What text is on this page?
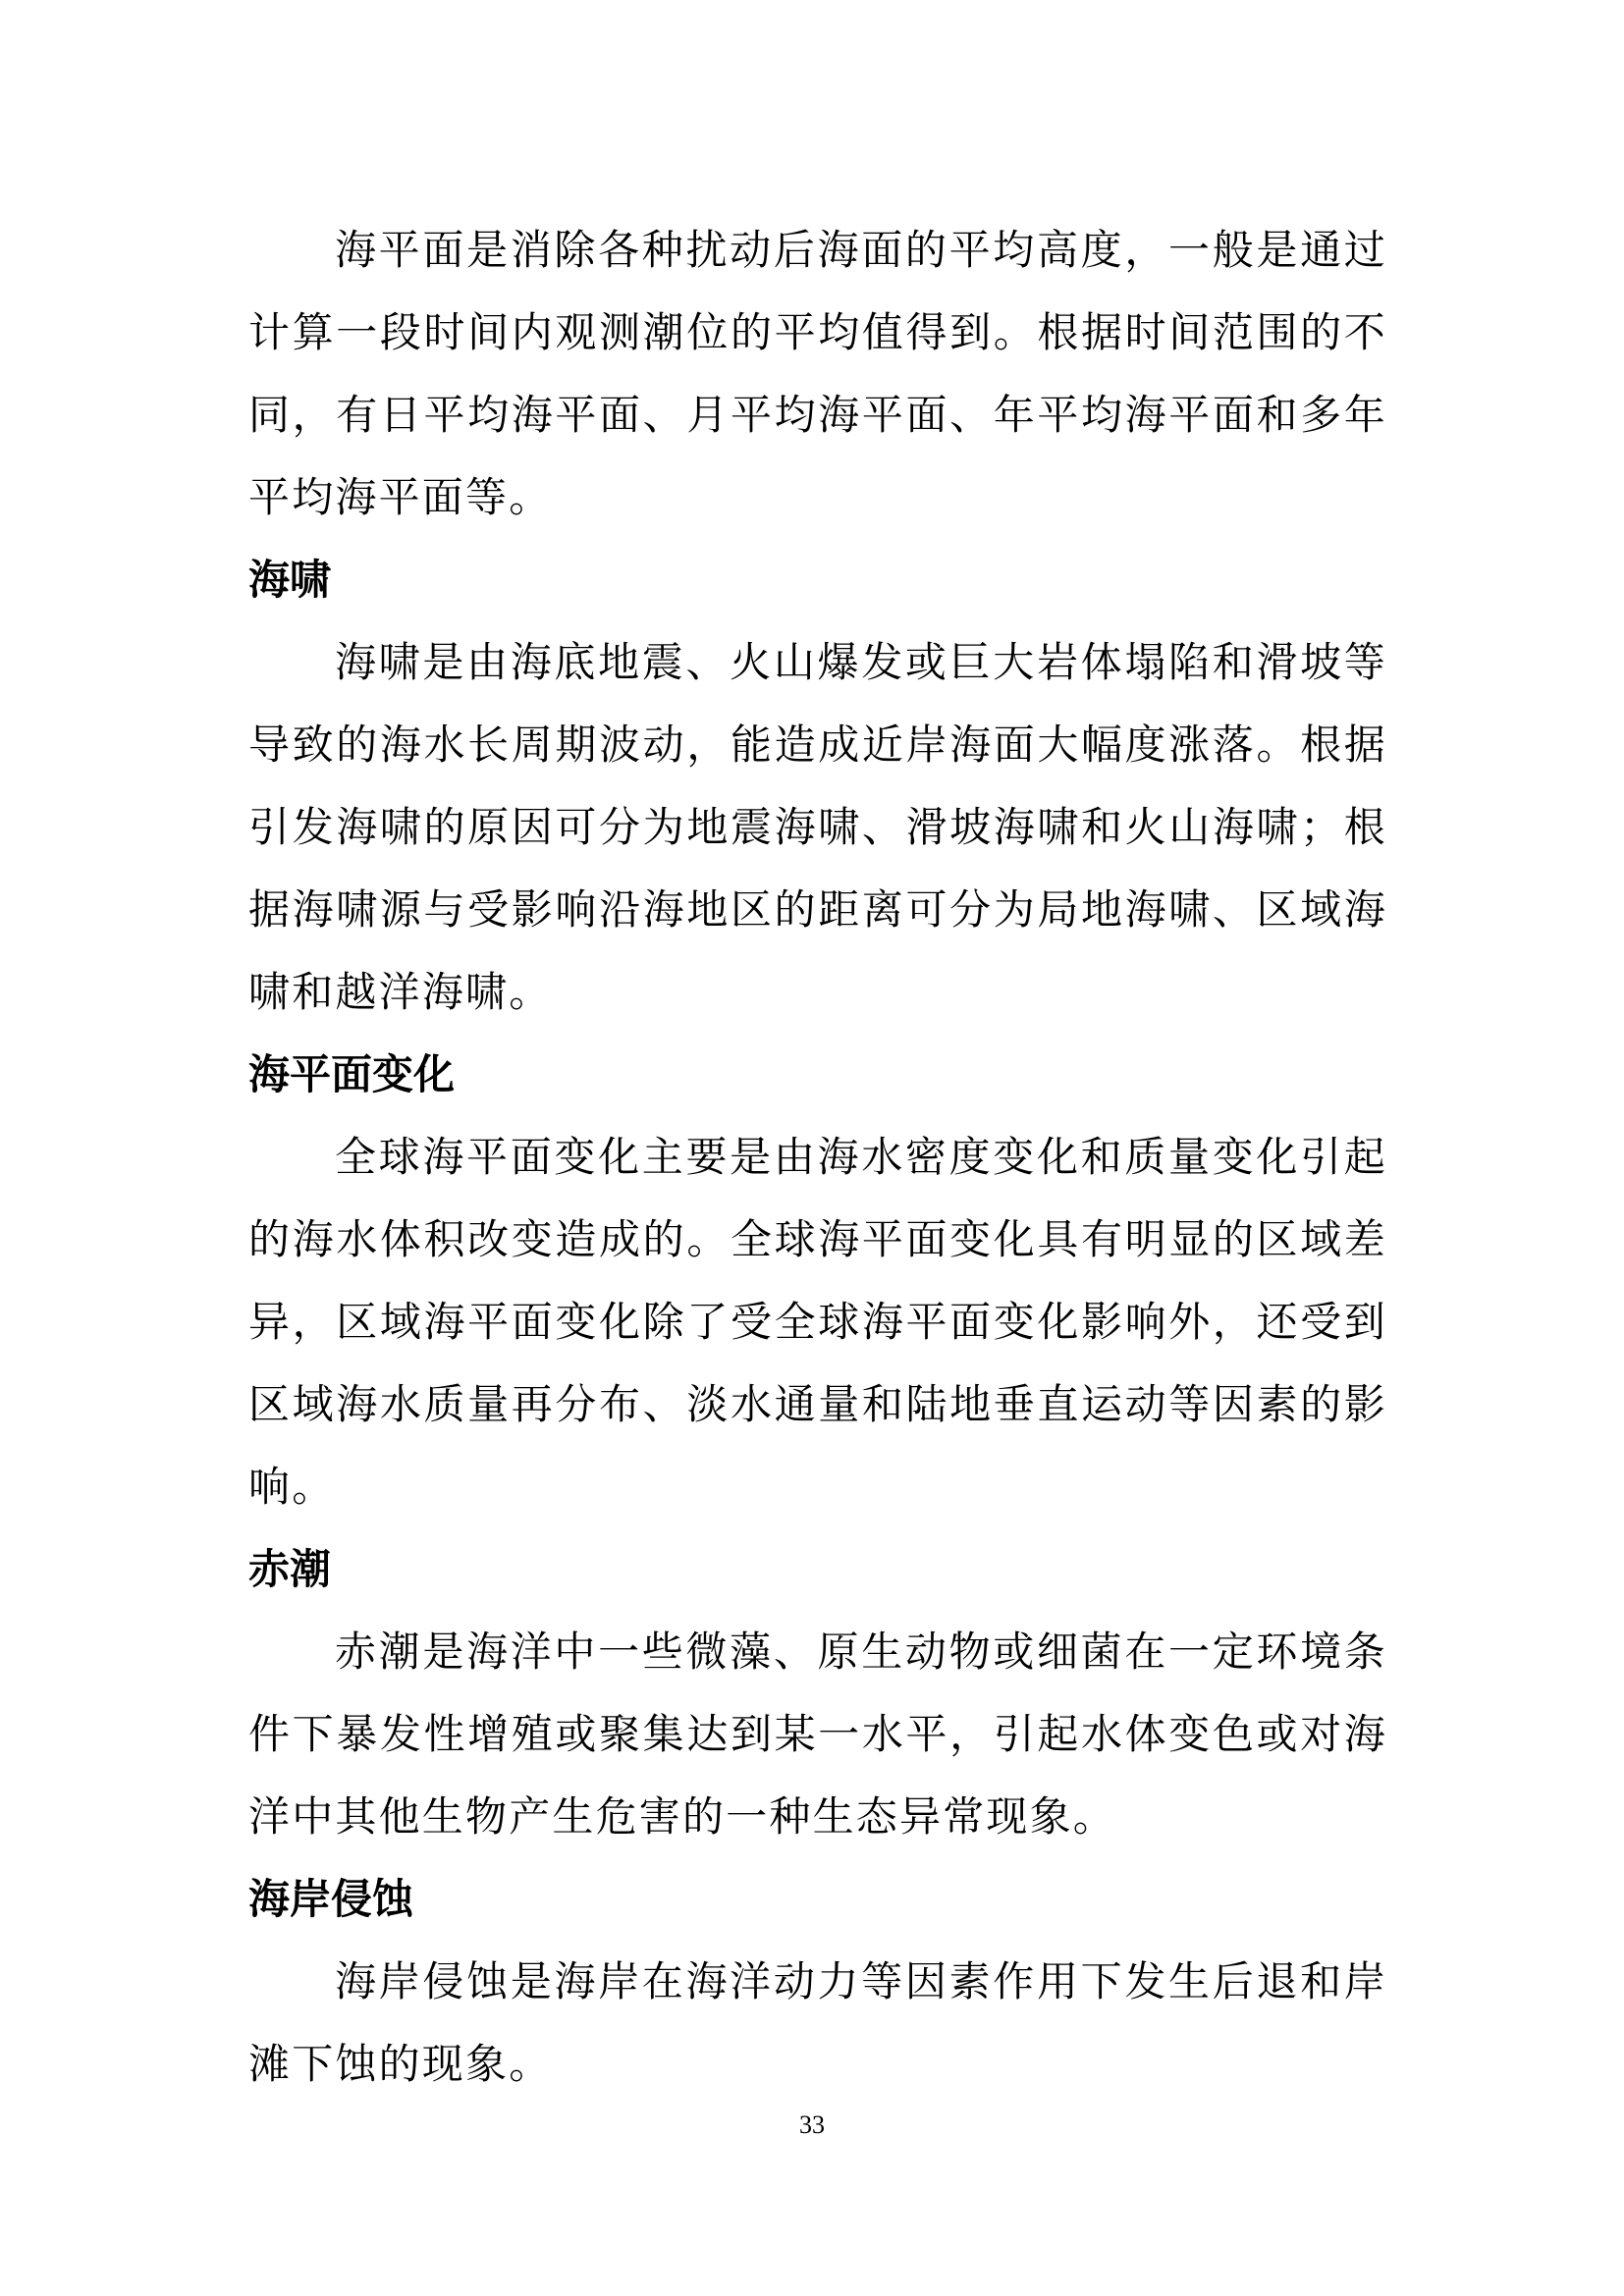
海平面是消除各种扰动后海面的平均高度，一般是通过计算一段时间内观测潮位的平均值得到。根据时间范围的不同，有日平均海平面、月平均海平面、年平均海平面和多年平均海平面等。

海啸

海啸是由海底地震、火山爆发或巨大岩体塌陷和滑坡等导致的海水长周期波动，能造成近岸海面大幅度涨落。根据引发海啸的原因可分为地震海啸、滑坡海啸和火山海啸；根据海啸源与受影响沿海地区的距离可分为局地海啸、区域海啸和越洋海啸。

海平面变化

全球海平面变化主要是由海水密度变化和质量变化引起的海水体积改变造成的。全球海平面变化具有明显的区域差异，区域海平面变化除了受全球海平面变化影响外，还受到区域海水质量再分布、淡水通量和陆地垂直运动等因素的影响。

赤潮

赤潮是海洋中一些微藻、原生动物或细菌在一定环境条件下暴发性增殖或聚集达到某一水平，引起水体变色或对海洋中其他生物产生危害的一种生态异常现象。

海岸侵蚀

海岸侵蚀是海岸在海洋动力等因素作用下发生后退和岸滩下蚀的现象。

33
